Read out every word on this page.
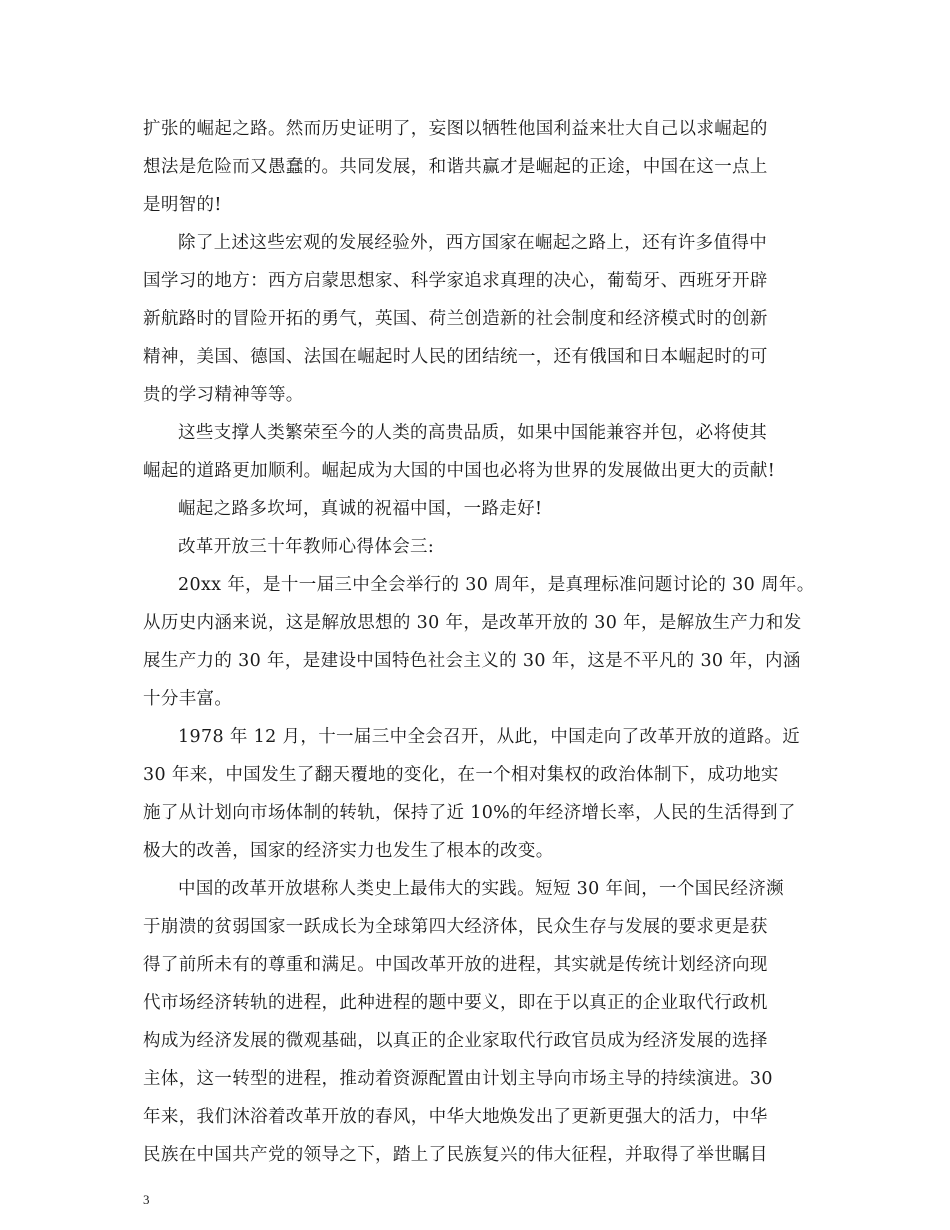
扩张的崛起之路。然而历史证明了，妄图以牺牲他国利益来壮大自己以求崛起的
想法是危险而又愚蠢的。共同发展，和谐共赢才是崛起的正途，中国在这一点上
是明智的!
除了上述这些宏观的发展经验外，西方国家在崛起之路上，还有许多值得中
国学习的地方：西方启蒙思想家、科学家追求真理的决心，葡萄牙、西班牙开辟
新航路时的冒险开拓的勇气，英国、荷兰创造新的社会制度和经济模式时的创新
精神，美国、德国、法国在崛起时人民的团结统一，还有俄国和日本崛起时的可
贵的学习精神等等。
这些支撑人类繁荣至今的人类的高贵品质，如果中国能兼容并包，必将使其
崛起的道路更加顺利。崛起成为大国的中国也必将为世界的发展做出更大的贡献!
崛起之路多坎坷，真诚的祝福中国，一路走好!
改革开放三十年教师心得体会三:
20xx 年，是十一届三中全会举行的 30 周年，是真理标准问题讨论的 30 周年。
从历史内涵来说，这是解放思想的 30 年，是改革开放的 30 年，是解放生产力和发
展生产力的 30 年，是建设中国特色社会主义的 30 年，这是不平凡的 30 年，内涵
十分丰富。
1978 年 12 月，十一届三中全会召开，从此，中国走向了改革开放的道路。近
30 年来，中国发生了翻天覆地的变化，在一个相对集权的政治体制下，成功地实
施了从计划向市场体制的转轨，保持了近 10%的年经济增长率，人民的生活得到了
极大的改善，国家的经济实力也发生了根本的改变。
中国的改革开放堪称人类史上最伟大的实践。短短 30 年间，一个国民经济濒
于崩溃的贫弱国家一跃成长为全球第四大经济体，民众生存与发展的要求更是获
得了前所未有的尊重和满足。中国改革开放的进程，其实就是传统计划经济向现
代市场经济转轨的进程，此种进程的题中要义，即在于以真正的企业取代行政机
构成为经济发展的微观基础，以真正的企业家取代行政官员成为经济发展的选择
主体，这一转型的进程，推动着资源配置由计划主导向市场主导的持续演进。30
年来，我们沐浴着改革开放的春风，中华大地焕发出了更新更强大的活力，中华
民族在中国共产党的领导之下，踏上了民族复兴的伟大征程，并取得了举世瞩目
3
